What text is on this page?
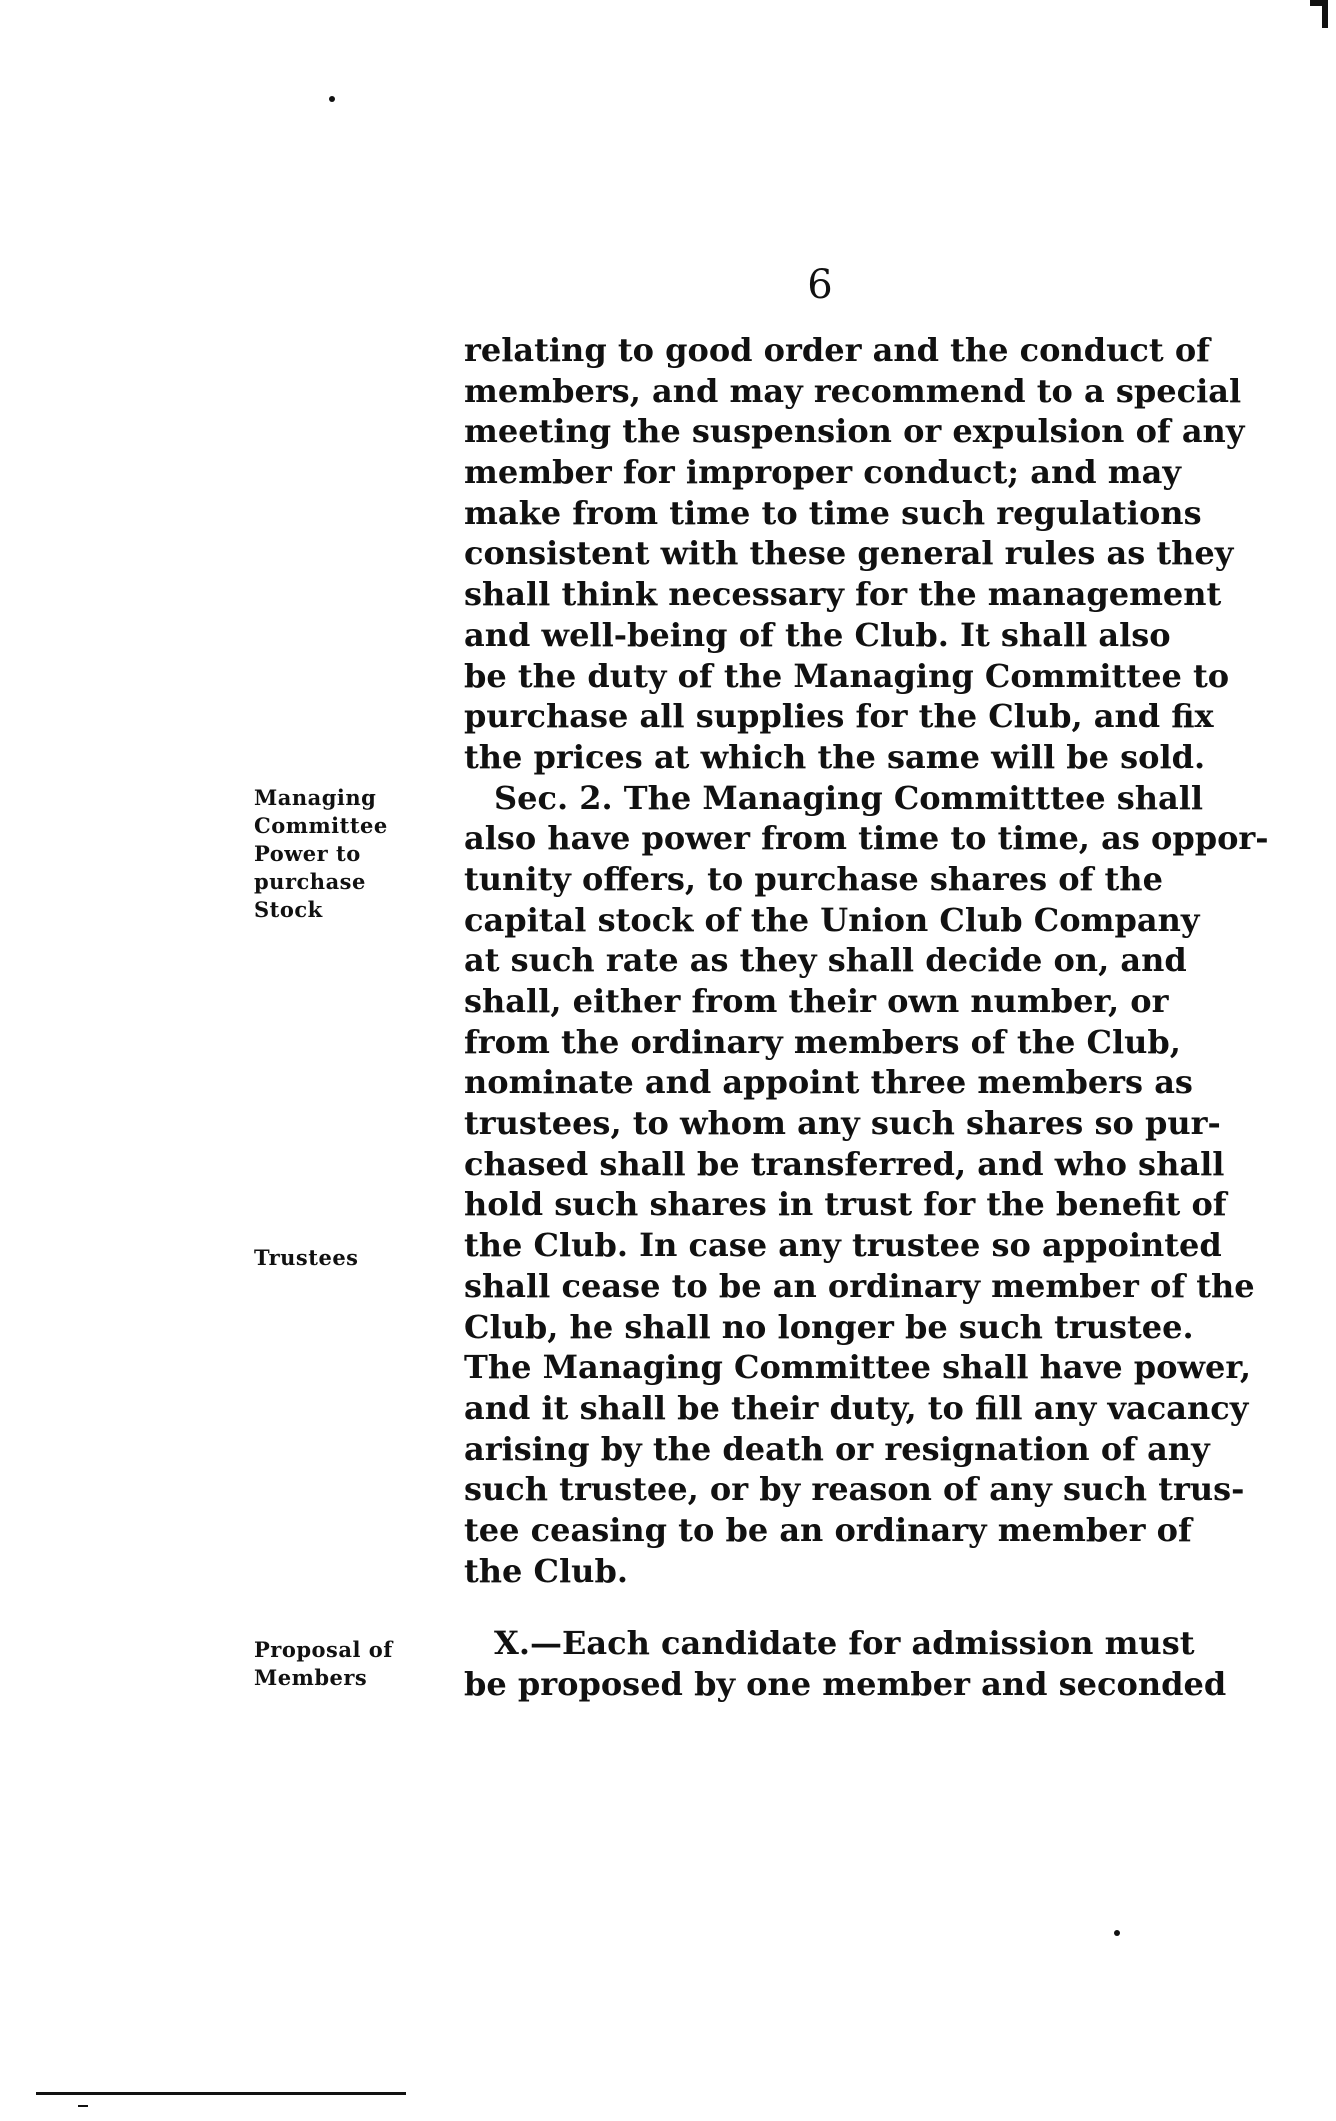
6
Managing
Committee
Power to
purchase
Stock
Trustees
Proposal of
Members
relating to good order and the conduct of
members, and may recommend to a special
meeting the suspension or expulsion of any
member for improper conduct; and may
make from time to time such regulations
consistent with these general rules as they
shall think necessary for the management
and well-being of the Club. It shall also
be the duty of the Managing Committee to
purchase all supplies for the Club, and fix
the prices at which the same will be sold.
Sec. 2. The Managing Committtee shall
also have power from time to time, as oppor-
tunity offers, to purchase shares of the
capital stock of the Union Club Company
at such rate as they shall decide on, and
shall, either from their own number, or
from the ordinary members of the Club,
nominate and appoint three members as
trustees, to whom any such shares so pur-
chased shall be transferred, and who shall
hold such shares in trust for the benefit of
the Club. In case any trustee so appointed
shall cease to be an ordinary member of the
Club, he shall no longer be such trustee.
The Managing Committee shall have power,
and it shall be their duty, to fill any vacancy
arising by the death or resignation of any
such trustee, or by reason of any such trus-
tee ceasing to be an ordinary member of
the Club.
X.—Each candidate for admission must
be proposed by one member and seconded
